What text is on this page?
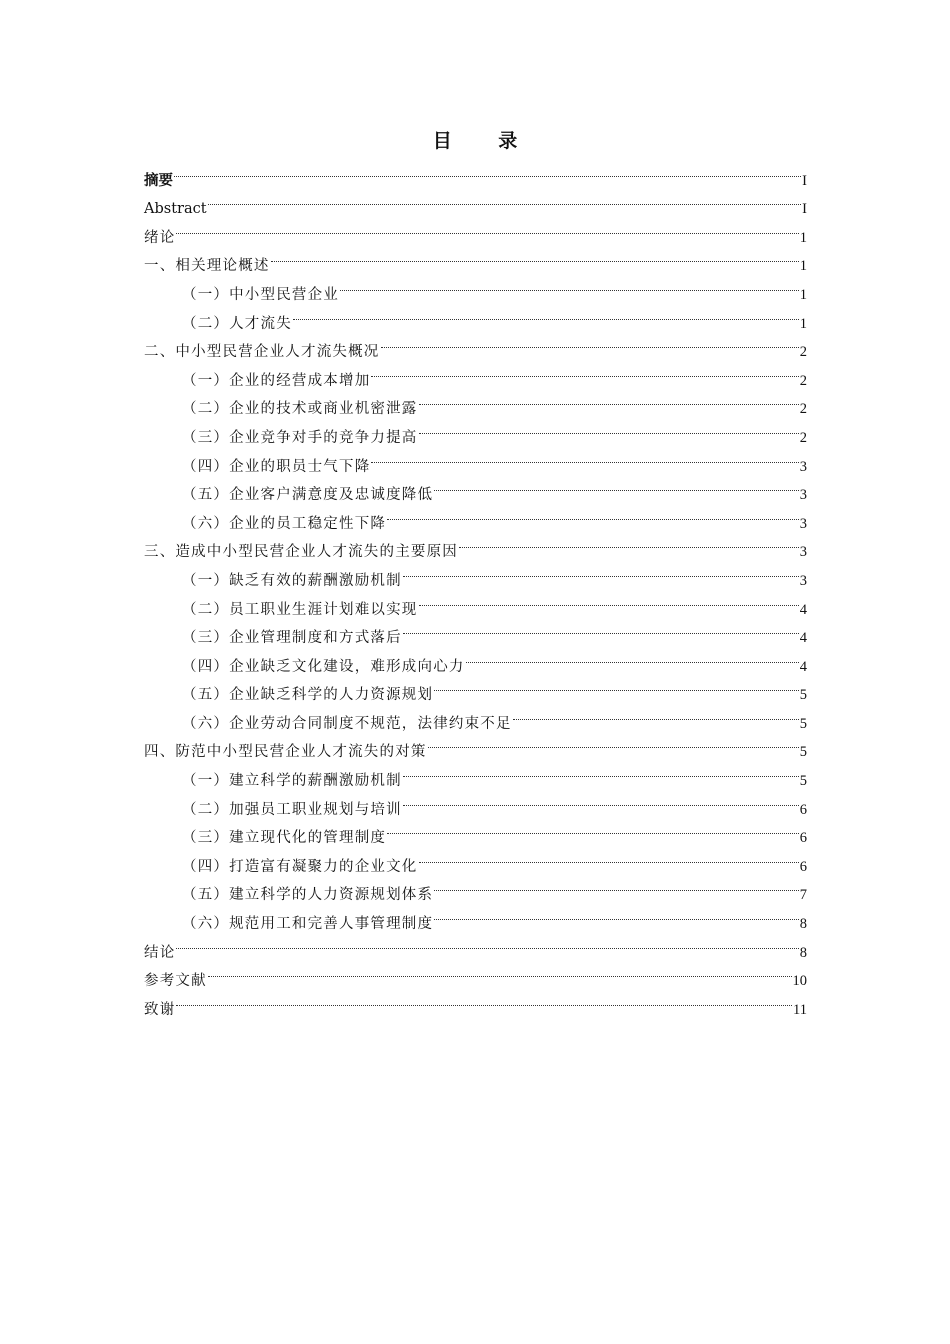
目 录
摘要	I
Abstract	I
绪论	1
一、相关理论概述	1
（一）中小型民营企业	1
（二）人才流失	1
二、中小型民营企业人才流失概况	2
（一）企业的经营成本增加	2
（二）企业的技术或商业机密泄露	2
（三）企业竞争对手的竞争力提高	2
（四）企业的职员士气下降	3
（五）企业客户满意度及忠诚度降低	3
（六）企业的员工稳定性下降	3
三、造成中小型民营企业人才流失的主要原因	3
（一）缺乏有效的薪酬激励机制	3
（二）员工职业生涯计划难以实现	4
（三）企业管理制度和方式落后	4
（四）企业缺乏文化建设，难形成向心力	4
（五）企业缺乏科学的人力资源规划	5
（六）企业劳动合同制度不规范，法律约束不足	5
四、防范中小型民营企业人才流失的对策	5
（一）建立科学的薪酬激励机制	5
（二）加强员工职业规划与培训	6
（三）建立现代化的管理制度	6
（四）打造富有凝聚力的企业文化	6
（五）建立科学的人力资源规划体系	7
（六）规范用工和完善人事管理制度	8
结论	8
参考文献	10
致谢	11
